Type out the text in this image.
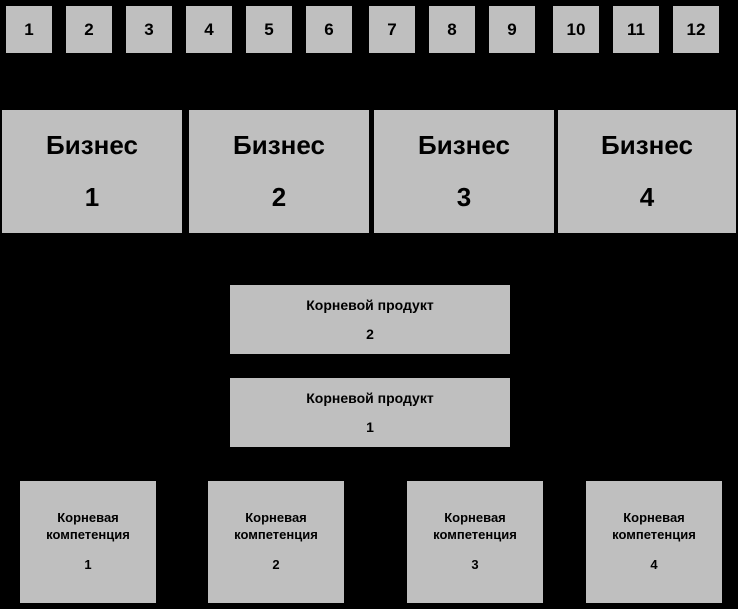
1	2	3	4	5	6	7	8	9	10 11 12
Бизнес
1
Бизнес
2
Бизнес
3
Бизнес
4
Корневой продукт
2
Корневой продукт
1
Корневая
компетенция
1
Корневая
компетенция
2
Корневая
компетенция
3
Корневая
компетенция
4
